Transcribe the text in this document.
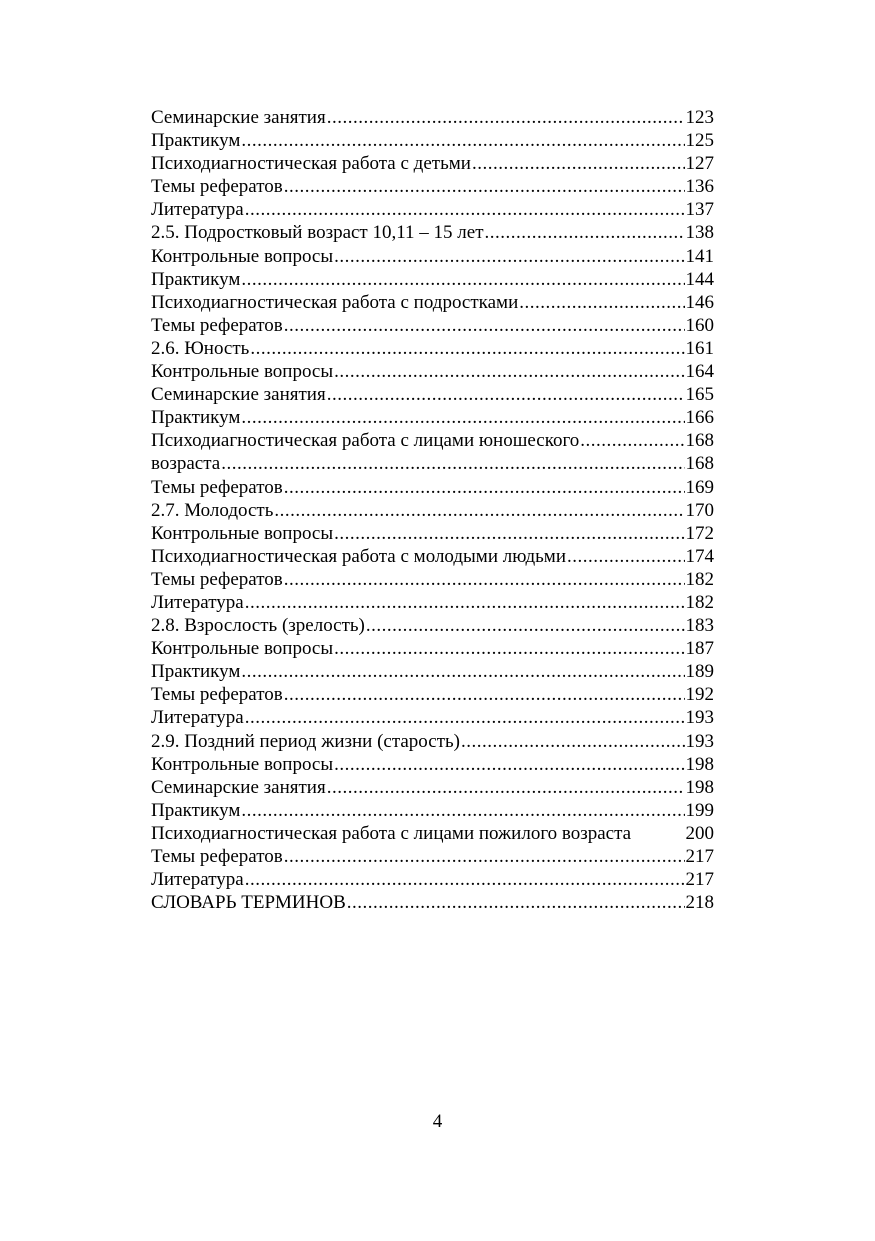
Семинарские занятия .....	123
Практикум .....	125
Психодиагностическая работа с детьми .....	127
Темы рефератов .....	136
Литература .....	137
2.5. Подростковый возраст 10,11 – 15 лет .....	138
Контрольные вопросы .....	141
Практикум .....	144
Психодиагностическая работа с подростками .....	146
Темы рефератов .....	160
2.6. Юность .....	161
Контрольные вопросы .....	164
Семинарские занятия .....	165
Практикум .....	166
Психодиагностическая работа с лицами юношеского .....	168
возраста .....	168
Темы рефератов .....	169
2.7. Молодость .....	170
Контрольные вопросы .....	172
Психодиагностическая работа с молодыми людьми .....	174
Темы рефератов .....	182
Литература .....	182
2.8. Взрослость (зрелость) .....	183
Контрольные вопросы .....	187
Практикум .....	189
Темы рефератов .....	192
Литература .....	193
2.9. Поздний период жизни (старость) .....	193
Контрольные вопросы .....	198
Семинарские занятия .....	198
Практикум .....	199
Психодиагностическая работа с лицами пожилого возраста	200
Темы рефератов .....	217
Литература .....	217
СЛОВАРЬ ТЕРМИНОВ .....	218
4
